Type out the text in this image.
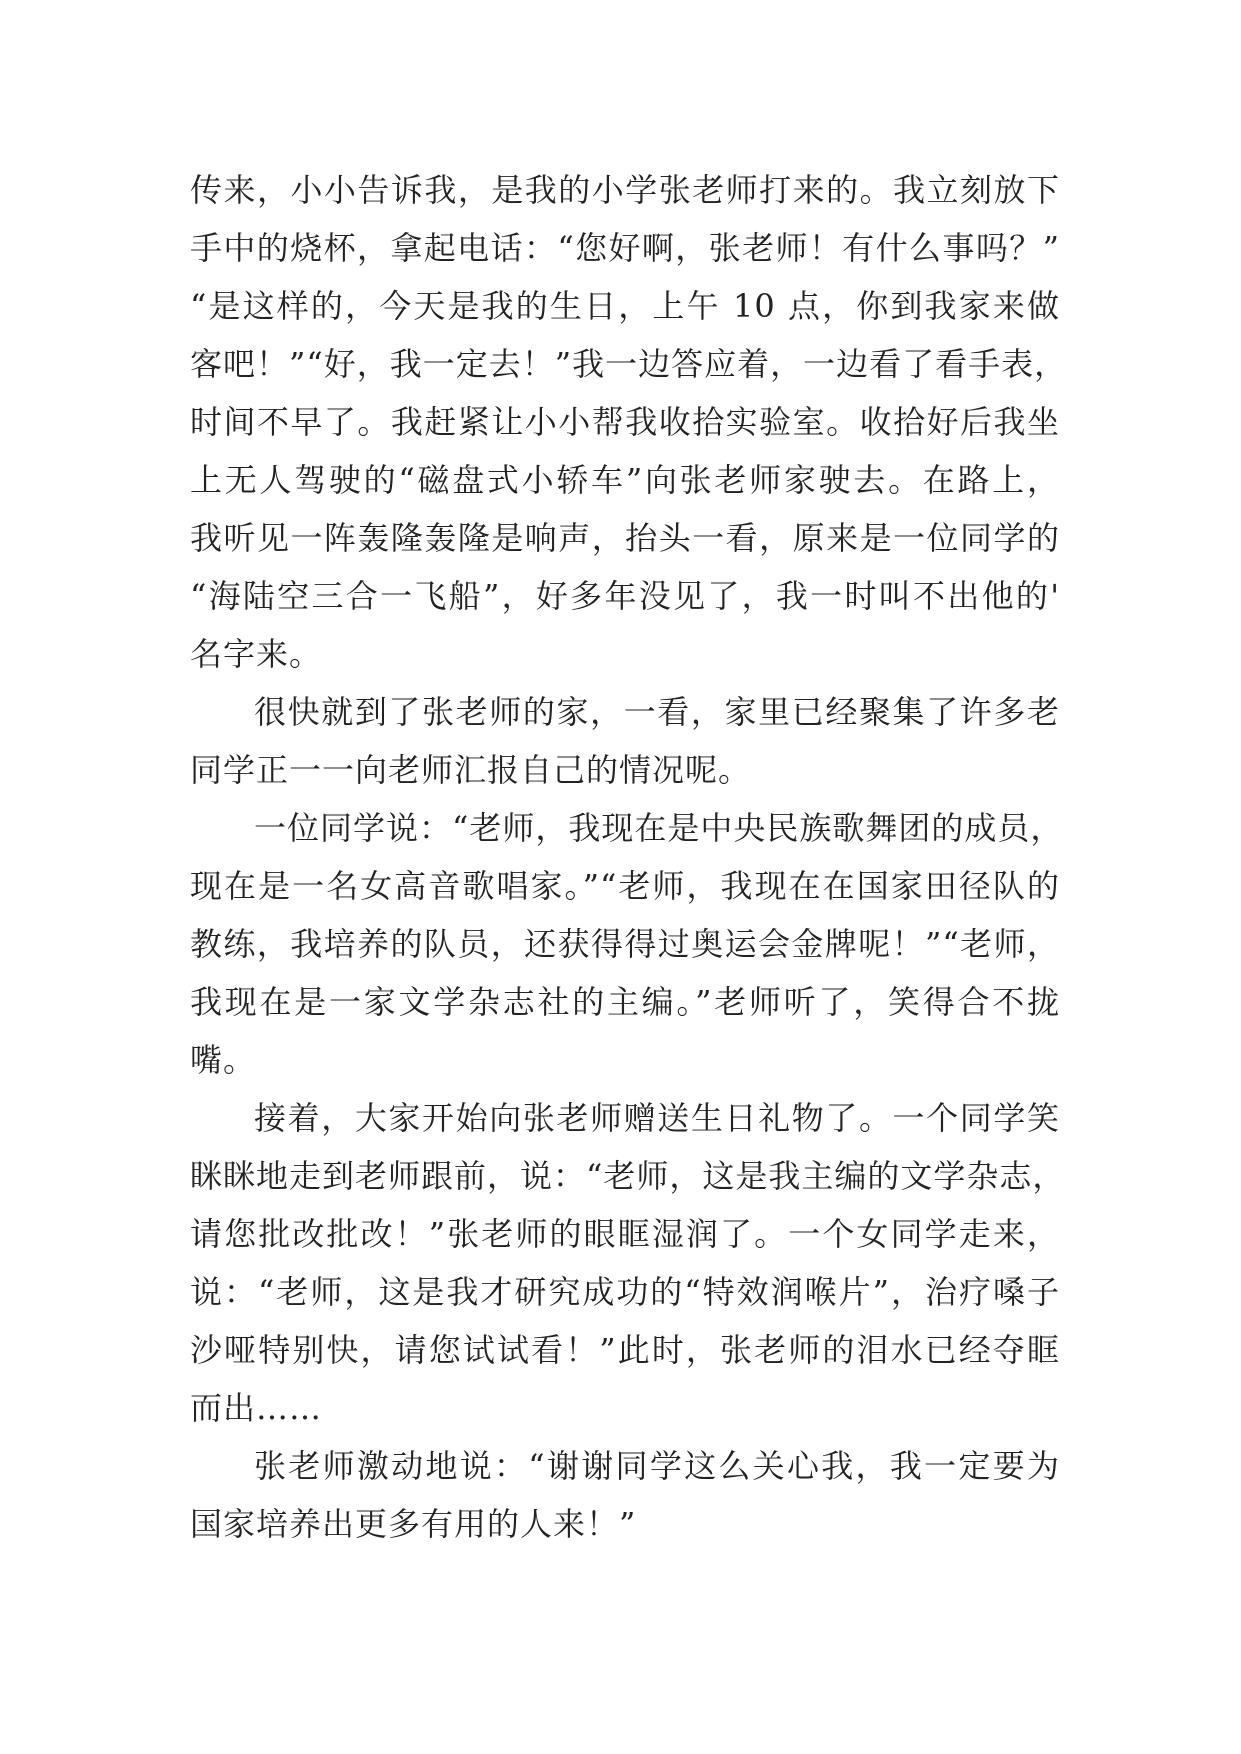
传来，小小告诉我，是我的小学张老师打来的。我立刻放下
手中的烧杯，拿起电话：“您好啊，张老师！有什么事吗？”
“是这样的，今天是我的生日，上午 10 点，你到我家来做
客吧！”“好，我一定去！”我一边答应着，一边看了看手表，
时间不早了。我赶紧让小小帮我收拾实验室。收拾好后我坐
上无人驾驶的“磁盘式小轿车”向张老师家驶去。在路上，
我听见一阵轰隆轰隆是响声，抬头一看，原来是一位同学的
“海陆空三合一飞船”，好多年没见了，我一时叫不出他的'
名字来。
很快就到了张老师的家，一看，家里已经聚集了许多老
同学正一一向老师汇报自己的情况呢。
一位同学说：“老师，我现在是中央民族歌舞团的成员，
现在是一名女高音歌唱家。”“老师，我现在在国家田径队的
教练，我培养的队员，还获得得过奥运会金牌呢！”“老师，
我现在是一家文学杂志社的主编。”老师听了，笑得合不拢
嘴。
接着，大家开始向张老师赠送生日礼物了。一个同学笑
眯眯地走到老师跟前，说：“老师，这是我主编的文学杂志，
请您批改批改！”张老师的眼眶湿润了。一个女同学走来，
说：“老师，这是我才研究成功的“特效润喉片”，治疗嗓子
沙哑特别快，请您试试看！”此时，张老师的泪水已经夺眶
而出……
张老师激动地说：“谢谢同学这么关心我，我一定要为
国家培养出更多有用的人来！”
